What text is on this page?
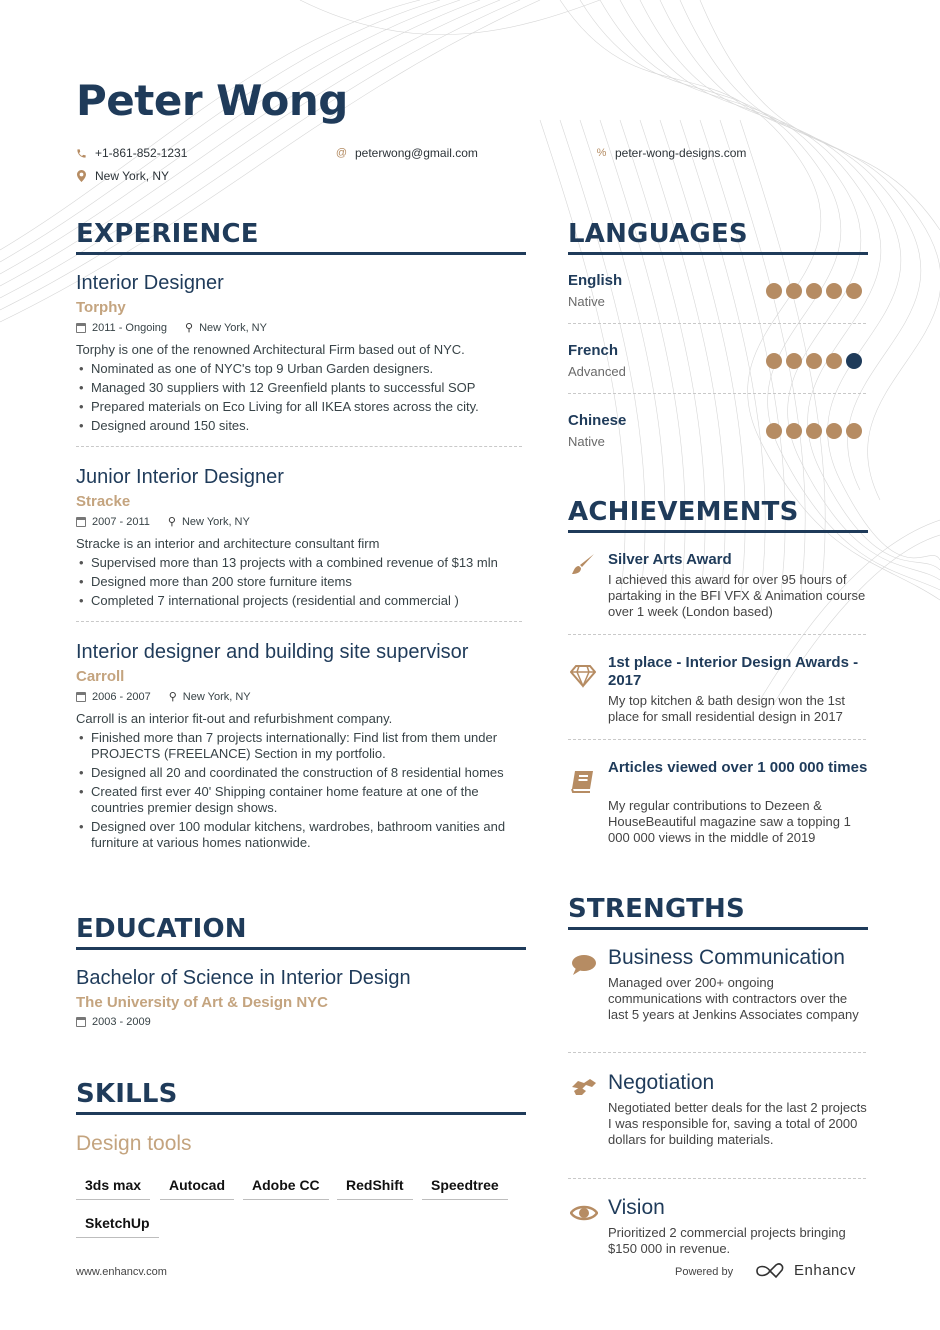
Peter Wong
+1-861-852-1231	@ peterwong@gmail.com	% peter-wong-designs.com
New York, NY
EXPERIENCE
Interior Designer
Torphy
2011 - Ongoing ⚲ New York, NY
Torphy is one of the renowned Architectural Firm based out of NYC.
• Nominated as one of NYC's top 9 Urban Garden designers.
• Managed 30 suppliers with 12 Greenfield plants to successful SOP
• Prepared materials on Eco Living for all IKEA stores across the city.
• Designed around 150 sites.
Junior Interior Designer
Stracke
2007 - 2011 ⚲ New York, NY
Stracke is an interior and architecture consultant firm
• Supervised more than 13 projects with a combined revenue of $13 mln
• Designed more than 200 store furniture items
• Completed 7 international projects (residential and commercial )
Interior designer and building site supervisor
Carroll
2006 - 2007 ⚲ New York, NY
Carroll is an interior fit-out and refurbishment company.
• Finished more than 7 projects internationally: Find list from them under PROJECTS (FREELANCE) Section in my portfolio.
• Designed all 20 and coordinated the construction of 8 residential homes
• Created first ever 40' Shipping container home feature at one of the countries premier design shows.
• Designed over 100 modular kitchens, wardrobes, bathroom vanities and furniture at various homes nationwide.
EDUCATION
Bachelor of Science in Interior Design
The University of Art & Design NYC
2003 - 2009
SKILLS
Design tools
3ds max	Autocad	Adobe CC	RedShift	Speedtree
SketchUp
LANGUAGES
English
Native
French
Advanced
Chinese
Native
ACHIEVEMENTS
Silver Arts Award
I achieved this award for over 95 hours of partaking in the BFI VFX & Animation course over 1 week (London based)
1st place - Interior Design Awards - 2017
My top kitchen & bath design won the 1st place for small residential design in 2017
Articles viewed over 1 000 000 times
My regular contributions to Dezeen & HouseBeautiful magazine saw a topping 1 000 000 views in the middle of 2019
STRENGTHS
Business Communication
Managed over 200+ ongoing communications with contractors over the last 5 years at Jenkins Associates company
Negotiation
Negotiated better deals for the last 2 projects I was responsible for, saving a total of 2000 dollars for building materials.
Vision
Prioritized 2 commercial projects bringing $150 000 in revenue.
www.enhancv.com	Powered by	Enhancv
